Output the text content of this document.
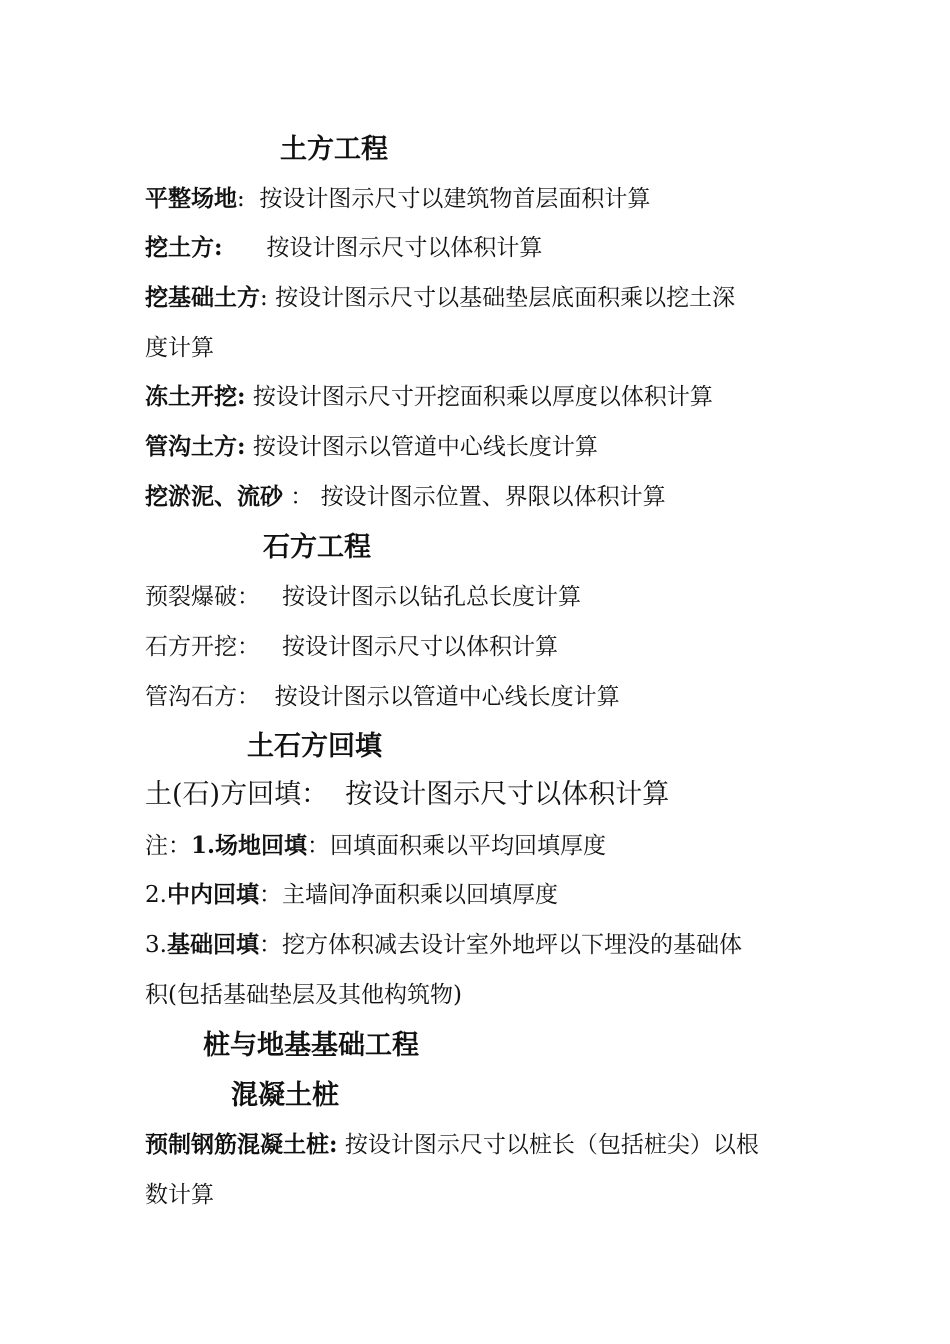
土方工程
平整场地:  按设计图示尺寸以建筑物首层面积计算
挖土方: 按设计图示尺寸以体积计算
挖基础土方: 按设计图示尺寸以基础垫层底面积乘以挖土深
度计算
冻土开挖: 按设计图示尺寸开挖面积乘以厚度以体积计算
管沟土方: 按设计图示以管道中心线长度计算
挖淤泥、流砂 ： 按设计图示位置、界限以体积计算
石方工程
预裂爆破： 按设计图示以钻孔总长度计算
石方开挖： 按设计图示尺寸以体积计算
管沟石方： 按设计图示以管道中心线长度计算
土石方回填
土(石)方回填： 按设计图示尺寸以体积计算
注：1.场地回填：回填面积乘以平均回填厚度
2.中内回填：主墙间净面积乘以回填厚度
3.基础回填：挖方体积减去设计室外地坪以下埋没的基础体
积(包括基础垫层及其他构筑物)
桩与地基基础工程
混凝土桩
预制钢筋混凝土桩: 按设计图示尺寸以桩长（包括桩尖）以根
数计算
